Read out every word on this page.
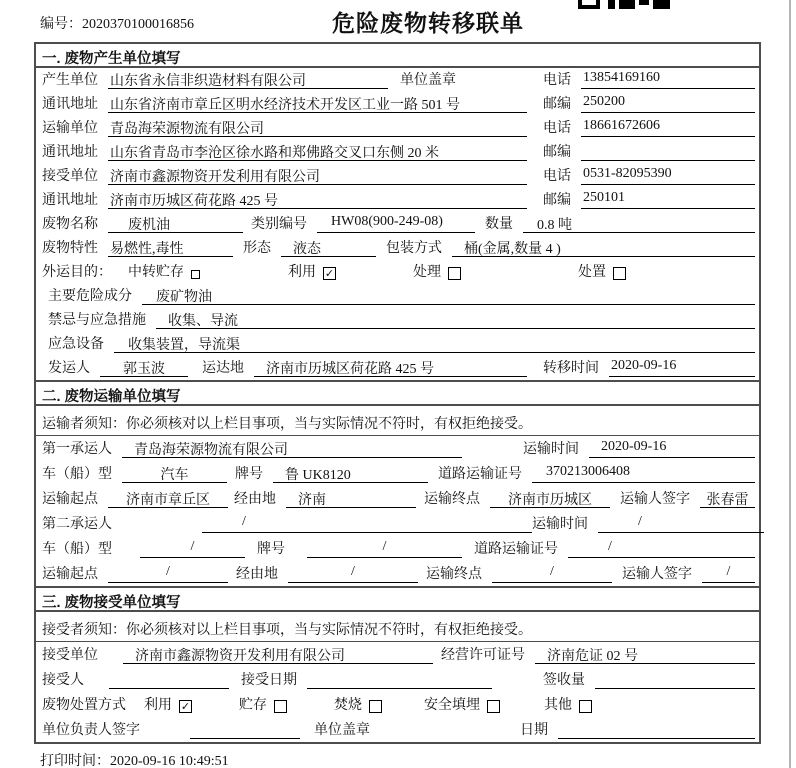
编号：2020370100016856	危险废物转移联单
一. 废物产生单位填写
产生单位 山东省永信非织造材料有限公司	单位盖章	电话 13854169160
通讯地址 山东省济南市章丘区明水经济技术开发区工业一路 501 号	邮编 250200
运输单位 青岛海荣源物流有限公司	电话 18661672606
通讯地址 山东省青岛市李沧区徐水路和郑佛路交叉口东侧 20 米	邮编
接受单位 济南市鑫源物资开发利用有限公司	电话 0531-82095390
通讯地址 济南市历城区荷花路 425 号	邮编 250101
废物名称	废机油	类别编号	HW08(900-249-08)	数量	0.8 吨
废物特性 易燃性,毒性	形态	液态	包装方式	桶(金属,数量 4 )
外运目的： 中转贮存	利用 ✓	处理	处置
主要危险成分	废矿物油
禁忌与应急措施	收集、导流
应急设备	收集装置，导流渠
发运人	郭玉波	运达地	济南市历城区荷花路 425 号	转移时间 2020-09-16
二. 废物运输单位填写
运输者须知：你必须核对以上栏目事项，当与实际情况不符时，有权拒绝接受。
第一承运人	青岛海荣源物流有限公司	运输时间	2020-09-16
车（船）型	汽车	牌号	鲁 UK8120	道路运输证号	370213006408
运输起点	济南市章丘区	经由地	济南	运输终点	济南市历城区	运输人签字	张春雷
第二承运人	/	运输时间	/
车（船）型	/	牌号	/	道路运输证号	/
运输起点	/	经由地	/	运输终点	/	运输人签字	/
三. 废物接受单位填写
接受者须知：你必须核对以上栏目事项，当与实际情况不符时，有权拒绝接受。
接受单位	济南市鑫源物资开发利用有限公司	经营许可证号	济南危证 02 号
接受人	接受日期	签收量
废物处置方式 利用 ✓	贮存	焚烧	安全填埋	其他
单位负责人签字	单位盖章	日期
打印时间：2020-09-16 10:49:51
